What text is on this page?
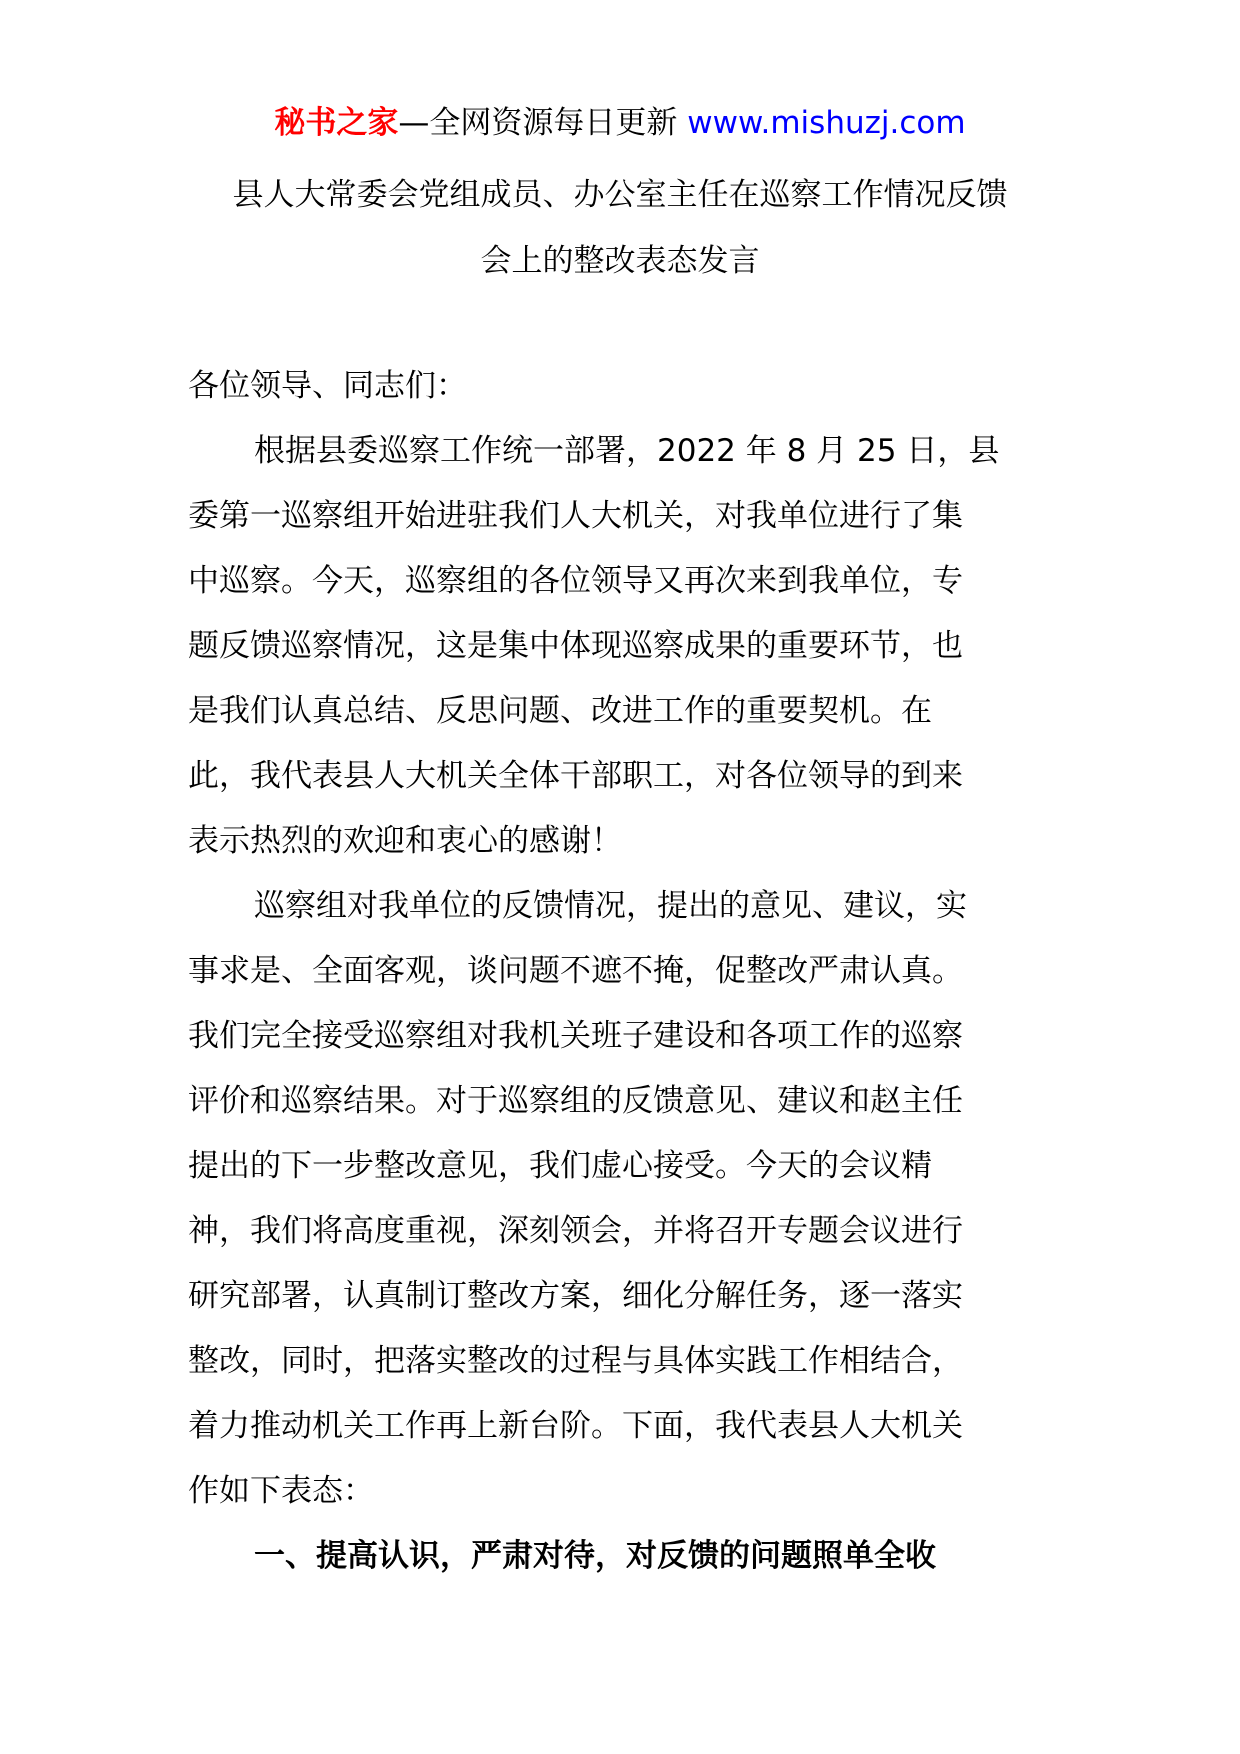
秘书之家—全网资源每日更新 www.mishuzj.com
县人大常委会党组成员、办公室主任在巡察工作情况反馈
会上的整改表态发言
各位领导、同志们：
根据县委巡察工作统一部署，2022 年 8 月 25 日，县
委第一巡察组开始进驻我们人大机关，对我单位进行了集
中巡察。今天，巡察组的各位领导又再次来到我单位，专
题反馈巡察情况，这是集中体现巡察成果的重要环节，也
是我们认真总结、反思问题、改进工作的重要契机。在
此，我代表县人大机关全体干部职工，对各位领导的到来
表示热烈的欢迎和衷心的感谢！
巡察组对我单位的反馈情况，提出的意见、建议，实
事求是、全面客观，谈问题不遮不掩，促整改严肃认真。
我们完全接受巡察组对我机关班子建设和各项工作的巡察
评价和巡察结果。对于巡察组的反馈意见、建议和赵主任
提出的下一步整改意见，我们虚心接受。今天的会议精
神，我们将高度重视，深刻领会，并将召开专题会议进行
研究部署，认真制订整改方案，细化分解任务，逐一落实
整改，同时，把落实整改的过程与具体实践工作相结合，
着力推动机关工作再上新台阶。下面，我代表县人大机关
作如下表态：
一、提高认识，严肃对待，对反馈的问题照单全收
